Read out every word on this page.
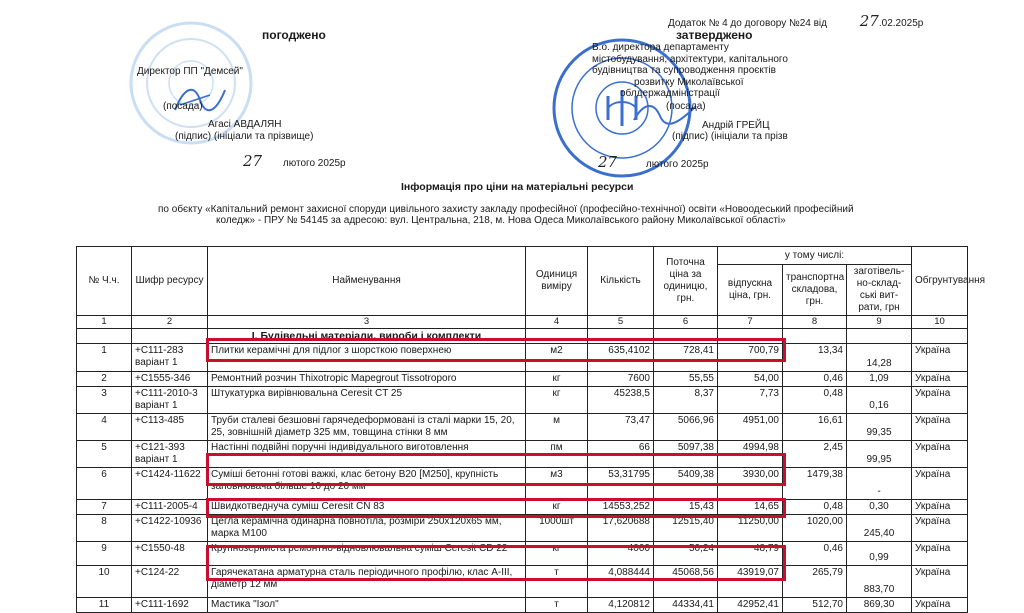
Додаток № 4 до договору №24 від 27.02.2025р
погоджено	затверджено
Директор ПП "Демсей"
(посада)
Агасі АВДАЛЯН
(підпис) (ініціали та прізвище)
27 лютого 2025р
В.о. директора департаменту
містобудування, архітектури, капітального
будівництва та супроводження проєктів
розвитку Миколаївської
облдержадміністрації
(посада)
Андрій ГРЕЙЦ
(підпис) (ініціали та прізв
27	лютого 2025р
Інформація про ціни на матеріальні ресурси
по обєкту «Капітальний ремонт захисної споруди цивільного захисту закладу професійної (професійно-технічної) освіти «Новоодеський професійний
коледж» - ПРУ № 54145 за адресою: вул. Центральна, 218, м. Нова Одеса Миколаївського району Миколаївської області»
№ Ч.ч.	Шифр ресурсу	Найменування	Одиниця виміру	Кількість	Поточна ціна за одиницю, грн.	у тому числі:			Обгрунтування
						відпускна ціна, грн.	транспортна складова, грн.	заготівель-но-склад-ські вит-рати, грн	
1	2	3	4	5	6	7	8	9	10
		I. Будівельні матеріали, вироби і комплекти							
1	+С111-283 варіант 1	Плитки керамічні для підлог з шорсткою поверхнею	м2	635,4102	728,41	700,79	13,34	14,28	Україна
2	+С1555-346	Ремонтний розчин Thixotropic Mapegrout Tissotroporo	кг	7600	55,55	54,00	0,46	1,09	Україна
3	+С111-2010-3 варіант 1	Штукатурка вирівнювальна Ceresit CT 25	кг	45238,5	8,37	7,73	0,48	0,16	Україна
4	+С113-485	Труби сталеві безшовні гарячедеформовані із сталі марки 15, 20, 25, зовнішній діаметр 325 мм, товщина стінки 8 мм	м	73,47	5066,96	4951,00	16,61	99,35	Україна
5	+С121-393 варіант 1	Настінні подвійні поручні індивідуального виготовлення	пм	66	5097,38	4994,98	2,45	99,95	Україна
6	+С1424-11622	Суміші бетонні готові важкі, клас бетону В20 [М250], крупність заповнювача більше 10 до 20 мм	м3	53,31795	5409,38	3930,00	1479,38	-	Україна
7	+С111-2005-4	Швидкотведнуча суміш Ceresit CN 83	кг	14553,252	15,43	14,65	0,48	0,30	Україна
8	+С1422-10936	Цегла керамічна одинарна повнотіла, розміри 250х120х65 мм, марка М100	1000шт	17,620688	12515,40	11250,00	1020,00	245,40	Україна
9	+С1550-48	Крупнозерниста ремонтно-відновлювальна суміш Ceresit CD 22	кг	4000	50,24	48,79	0,46	0,99	Україна
10	+С124-22	Гарячекатана арматурна сталь періодичного профілю, клас А-III, діаметр 12 мм	т	4,088444	45068,56	43919,07	265,79	883,70	Україна
11	+С111-1692	Мастика "Ізол"	т	4,120812	44334,41	42952,41	512,70	869,30	Україна
